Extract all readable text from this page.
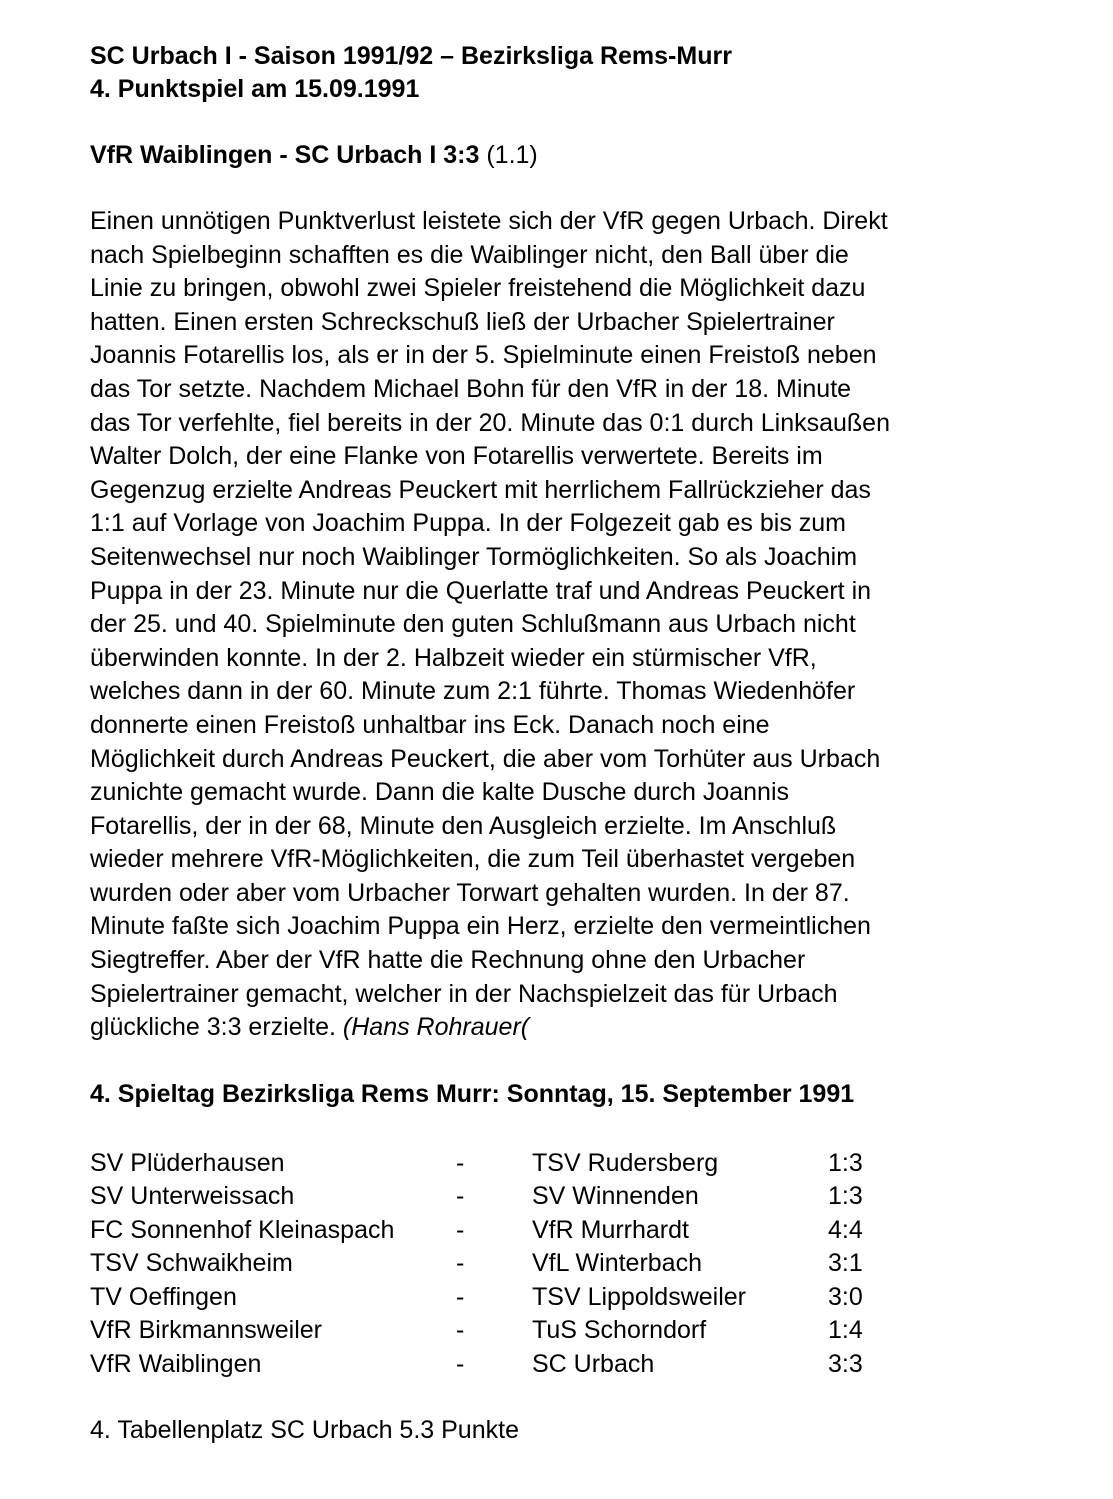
SC Urbach I - Saison 1991/92 – Bezirksliga Rems-Murr

4. Punktspiel am 15.09.1991

VfR Waiblingen - SC Urbach I 3:3 (1.1)
Einen unnötigen Punktverlust leistete sich der VfR gegen Urbach. Direkt
nach Spielbeginn schafften es die Waiblinger nicht, den Ball über die
Linie zu bringen, obwohl zwei Spieler freistehend die Möglichkeit dazu
hatten. Einen ersten Schreckschuß ließ der Urbacher Spielertrainer
Joannis Fotarellis los, als er in der 5. Spielminute einen Freistoß neben
das Tor setzte. Nachdem Michael Bohn für den VfR in der 18. Minute
das Tor verfehlte, fiel bereits in der 20. Minute das 0:1 durch Linksaußen
Walter Dolch, der eine Flanke von Fotarellis verwertete. Bereits im
Gegenzug erzielte Andreas Peuckert mit herrlichem Fallrückzieher das
1:1 auf Vorlage von Joachim Puppa. In der Folgezeit gab es bis zum
Seitenwechsel nur noch Waiblinger Tormöglichkeiten. So als Joachim
Puppa in der 23. Minute nur die Querlatte traf und Andreas Peuckert in
der 25. und 40. Spielminute den guten Schlußmann aus Urbach nicht
überwinden konnte. In der 2. Halbzeit wieder ein stürmischer VfR,
welches dann in der 60. Minute zum 2:1 führte. Thomas Wiedenhöfer
donnerte einen Freistoß unhaltbar ins Eck. Danach noch eine
Möglichkeit durch Andreas Peuckert, die aber vom Torhüter aus Urbach
zunichte gemacht wurde. Dann die kalte Dusche durch Joannis
Fotarellis, der in der 68, Minute den Ausgleich erzielte. Im Anschluß
wieder mehrere VfR-Möglichkeiten, die zum Teil überhastet vergeben
wurden oder aber vom Urbacher Torwart gehalten wurden. In der 87.
Minute faßte sich Joachim Puppa ein Herz, erzielte den vermeintlichen
Siegtreffer. Aber der VfR hatte die Rechnung ohne den Urbacher
Spielertrainer gemacht, welcher in der Nachspielzeit das für Urbach
glückliche 3:3 erzielte. (Hans Rohrauer(
4. Spieltag Bezirksliga Rems Murr: Sonntag, 15. September 1991
SV Plüderhausen	-	TSV Rudersberg	1:3
SV Unterweissach	-	SV Winnenden	1:3
FC Sonnenhof Kleinaspach	-	VfR Murrhardt	4:4
TSV Schwaikheim	-	VfL Winterbach	3:1
TV Oeffingen	-	TSV Lippoldsweiler	3:0
VfR Birkmannsweiler	-	TuS Schorndorf	1:4
VfR Waiblingen	-	SC Urbach	3:3
4. Tabellenplatz SC Urbach 5.3 Punkte
